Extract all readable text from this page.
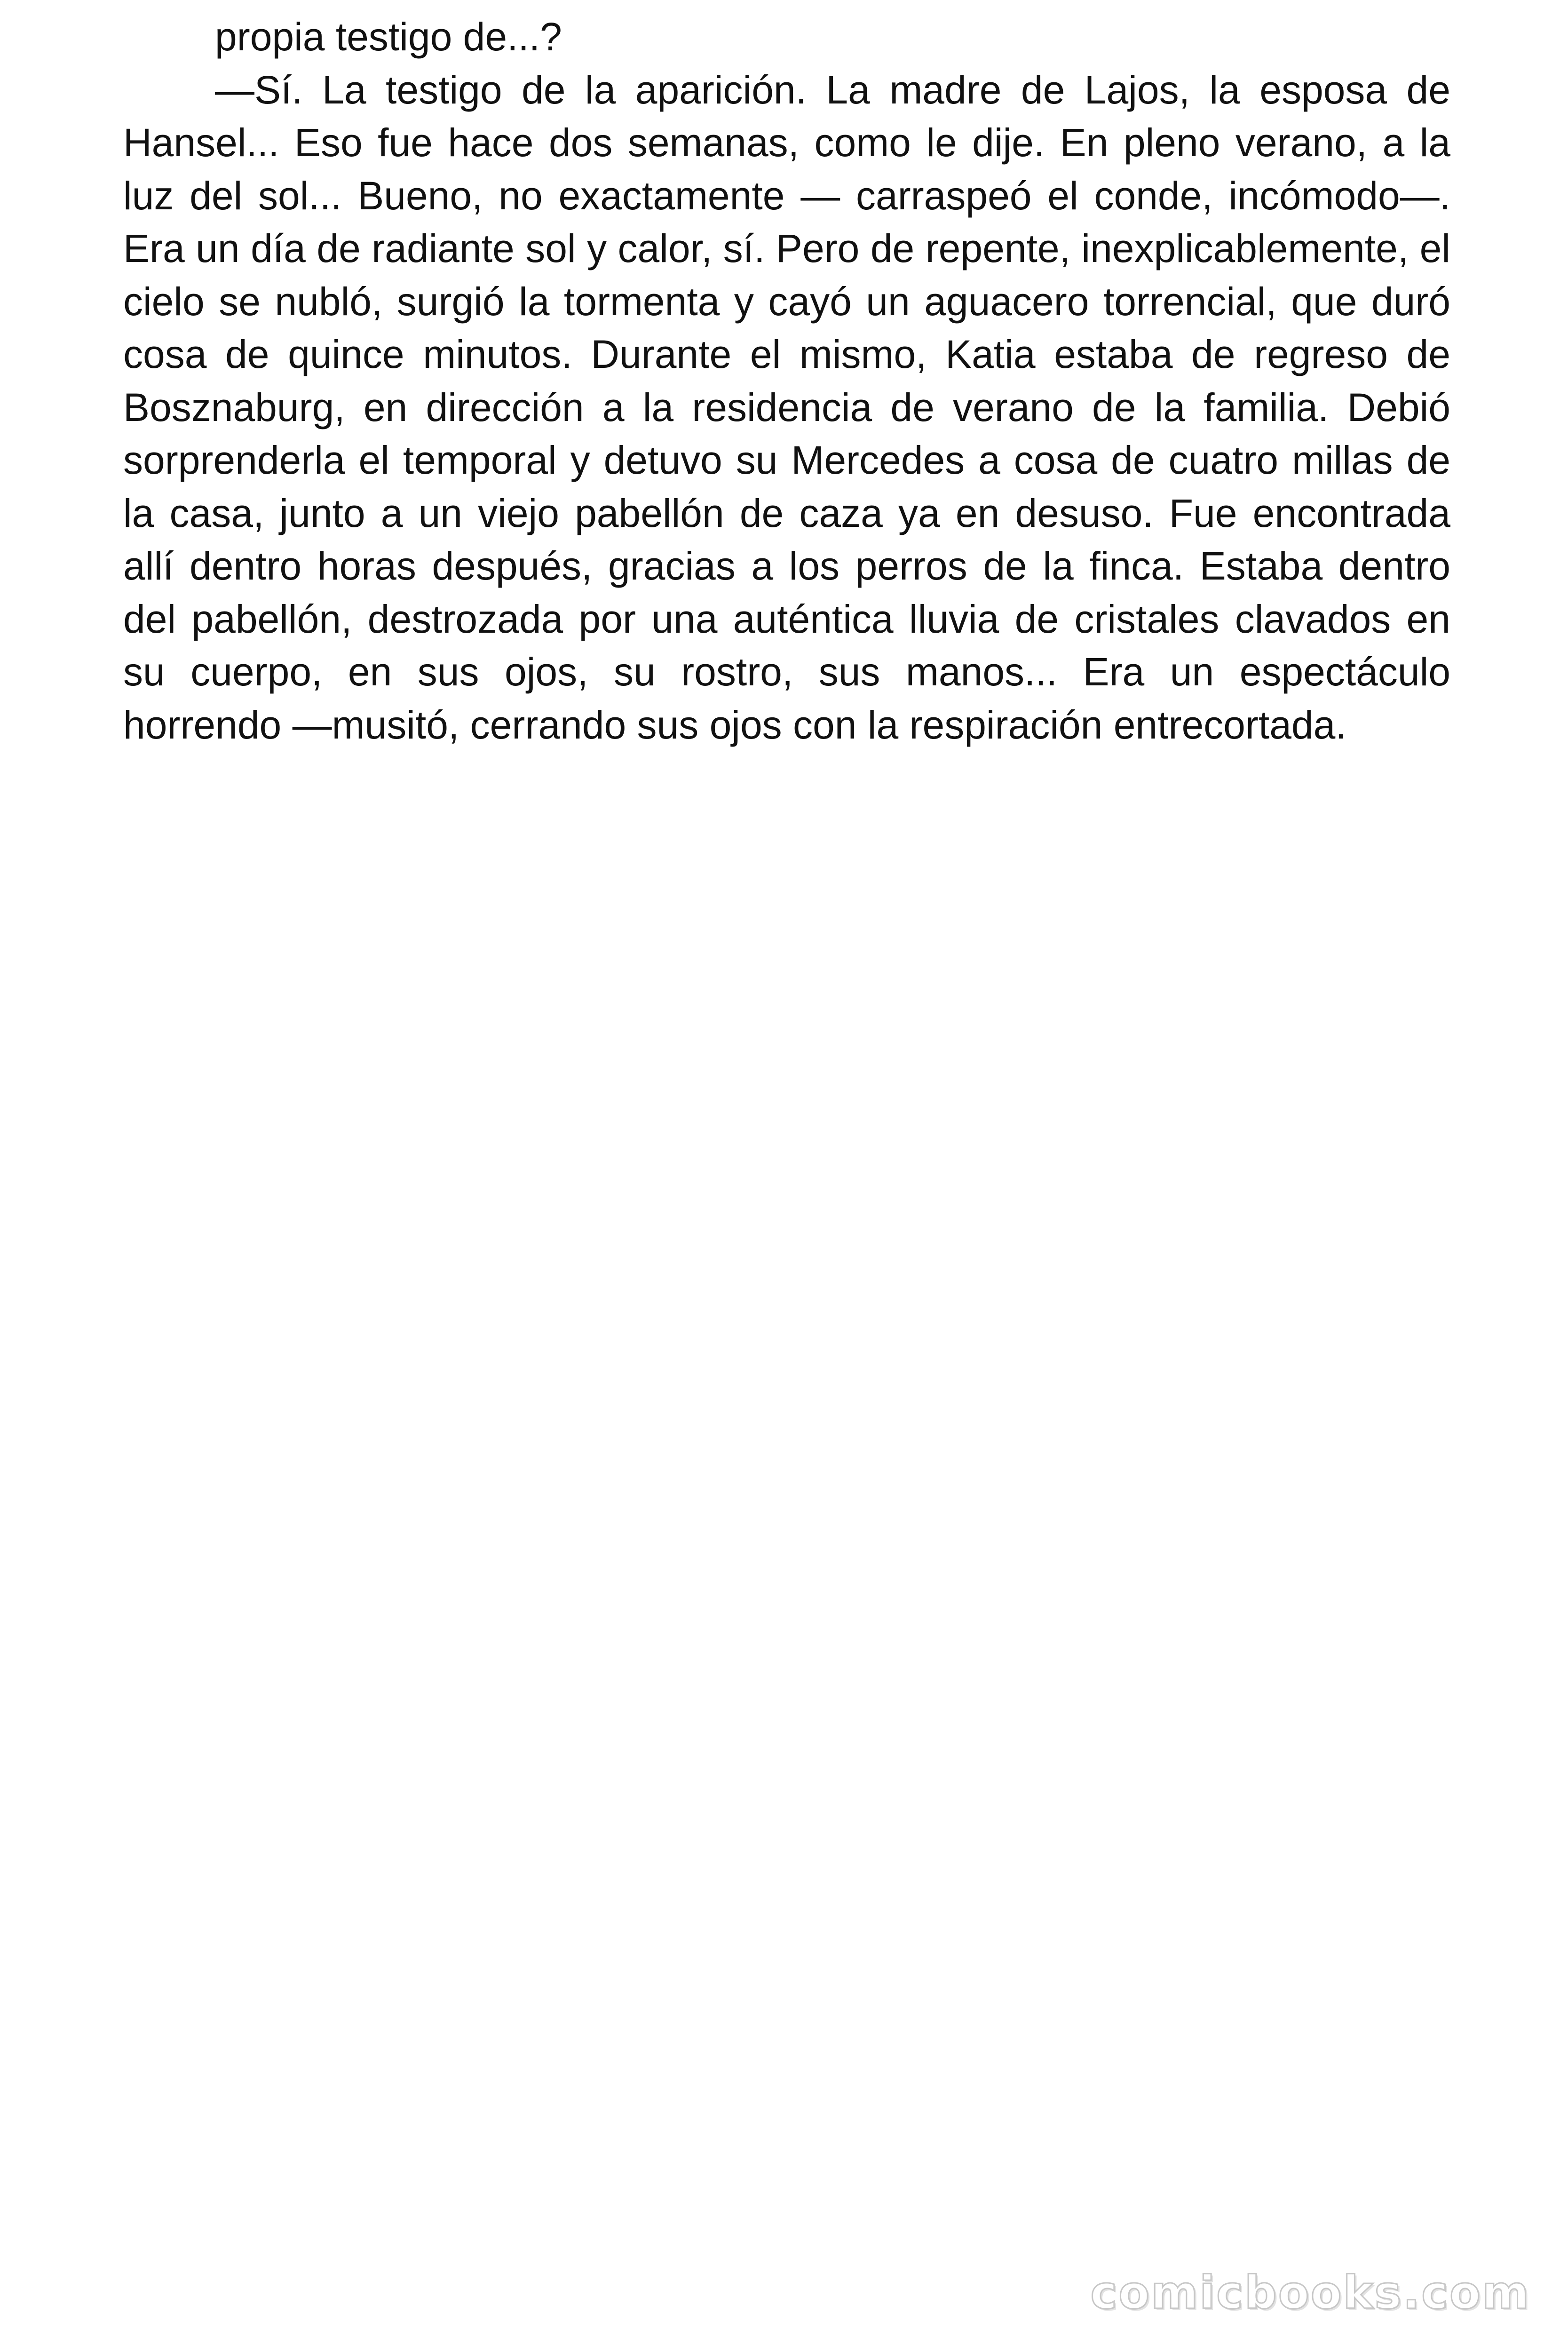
propia testigo de...?

—Sí. La testigo de la aparición. La madre de Lajos, la esposa de Hansel... Eso fue hace dos semanas, como le dije. En pleno verano, a la luz del sol... Bueno, no exactamente — carraspeó el conde, incómodo—. Era un día de radiante sol y calor, sí. Pero de repente, inexplicablemente, el cielo se nubló, surgió la tormenta y cayó un aguacero torrencial, que duró cosa de quince minutos. Durante el mismo, Katia estaba de regreso de Bosznaburg, en dirección a la residencia de verano de la familia. Debió sorprenderla el temporal y detuvo su Mercedes a cosa de cuatro millas de la casa, junto a un viejo pabellón de caza ya en desuso. Fue encontrada allí dentro horas después, gracias a los perros de la finca. Estaba dentro del pabellón, destrozada por una auténtica lluvia de cristales clavados en su cuerpo, en sus ojos, su rostro, sus manos... Era un espectáculo horrendo —musitó, cerrando sus ojos con la respiración entrecortada.

comicbooks.com
